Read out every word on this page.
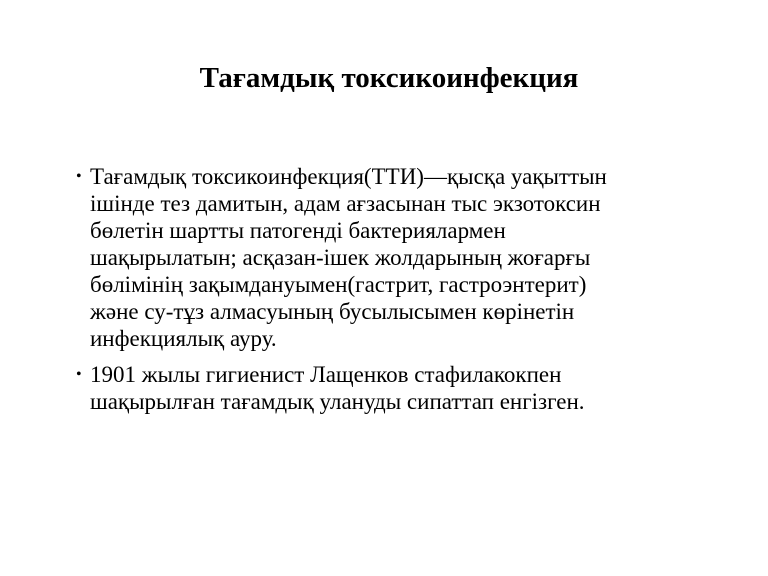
Тағамдық токсикоинфекция
• Тағамдық токсикоинфекция(ТТИ)—қысқа уақыттын
ішінде тез дамитын, адам ағзасынан тыс экзотоксин
бөлетін шартты патогенді бактериялармен
шақырылатын; асқазан-ішек жолдарының жоғарғы
бөлімінің зақымдануымен(гастрит, гастроэнтерит)
және су-тұз алмасуының бусылысымен көрінетін
инфекциялық ауру.
• 1901 жылы гигиенист Лащенков стафилакокпен
шақырылған тағамдық улануды сипаттап енгізген.
